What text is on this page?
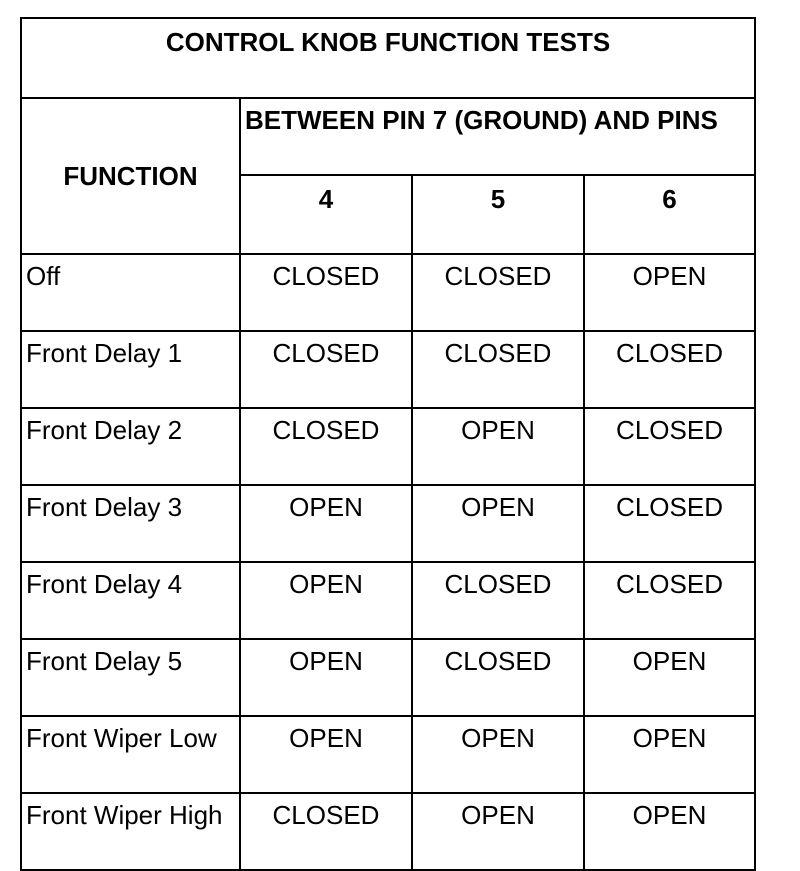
CONTROL KNOB FUNCTION TESTS			
FUNCTION	BETWEEN PIN 7 (GROUND) AND PINS		
	4	5	6
Off	CLOSED	CLOSED	OPEN
Front Delay 1	CLOSED	CLOSED	CLOSED
Front Delay 2	CLOSED	OPEN	CLOSED
Front Delay 3	OPEN	OPEN	CLOSED
Front Delay 4	OPEN	CLOSED	CLOSED
Front Delay 5	OPEN	CLOSED	OPEN
Front Wiper Low	OPEN	OPEN	OPEN
Front Wiper High	CLOSED	OPEN	OPEN
